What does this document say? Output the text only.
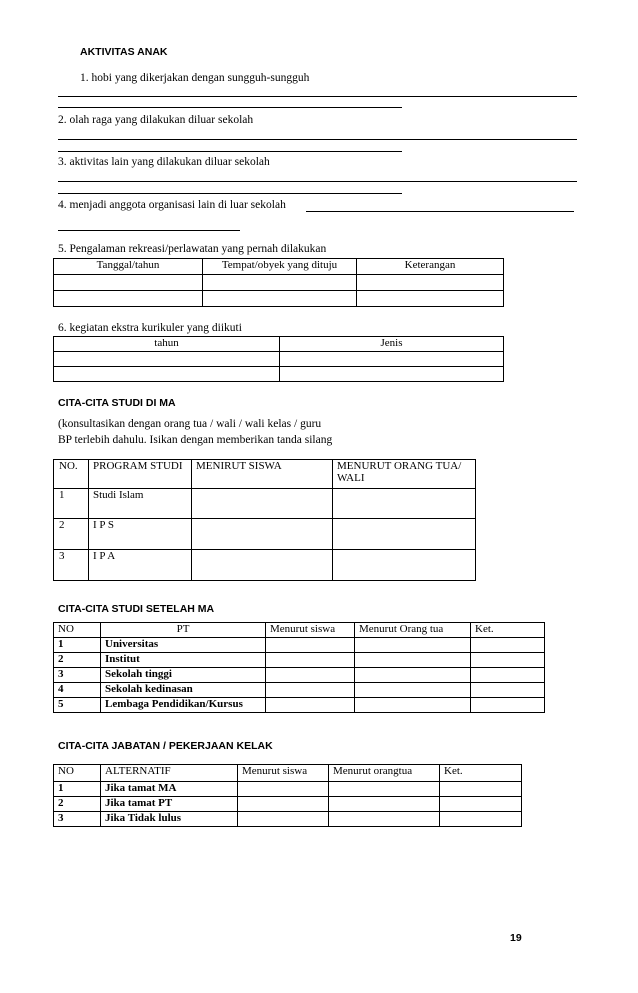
AKTIVITAS ANAK
1. hobi yang dikerjakan dengan sungguh-sungguh
2. olah raga yang dilakukan diluar sekolah
3. aktivitas lain yang dilakukan diluar sekolah
4. menjadi anggota organisasi lain di luar sekolah
5. Pengalaman rekreasi/perlawatan yang pernah dilakukan
Tanggal/tahun	Tempat/obyek yang dituju	Keterangan

6. kegiatan ekstra kurikuler yang diikuti
tahun	Jenis

CITA-CITA STUDI DI MA
(konsultasikan dengan orang tua / wali / wali kelas / guru
BP terlebih dahulu. Isikan dengan memberikan tanda silang
NO.	PROGRAM STUDI	MENIRUT SISWA	MENURUT ORANG TUA/ WALI
1	Studi Islam		
2	I P S		
3	I P A		
CITA-CITA STUDI SETELAH MA
NO	PT	Menurut siswa	Menurut Orang tua	Ket.
1	Universitas			
2	Institut			
3	Sekolah tinggi			
4	Sekolah kedinasan			
5	Lembaga Pendidikan/Kursus			
CITA-CITA JABATAN / PEKERJAAN KELAK
NO	ALTERNATIF	Menurut siswa	Menurut orangtua	Ket.
1	Jika tamat MA			
2	Jika tamat PT			
3	Jika Tidak lulus			
19
